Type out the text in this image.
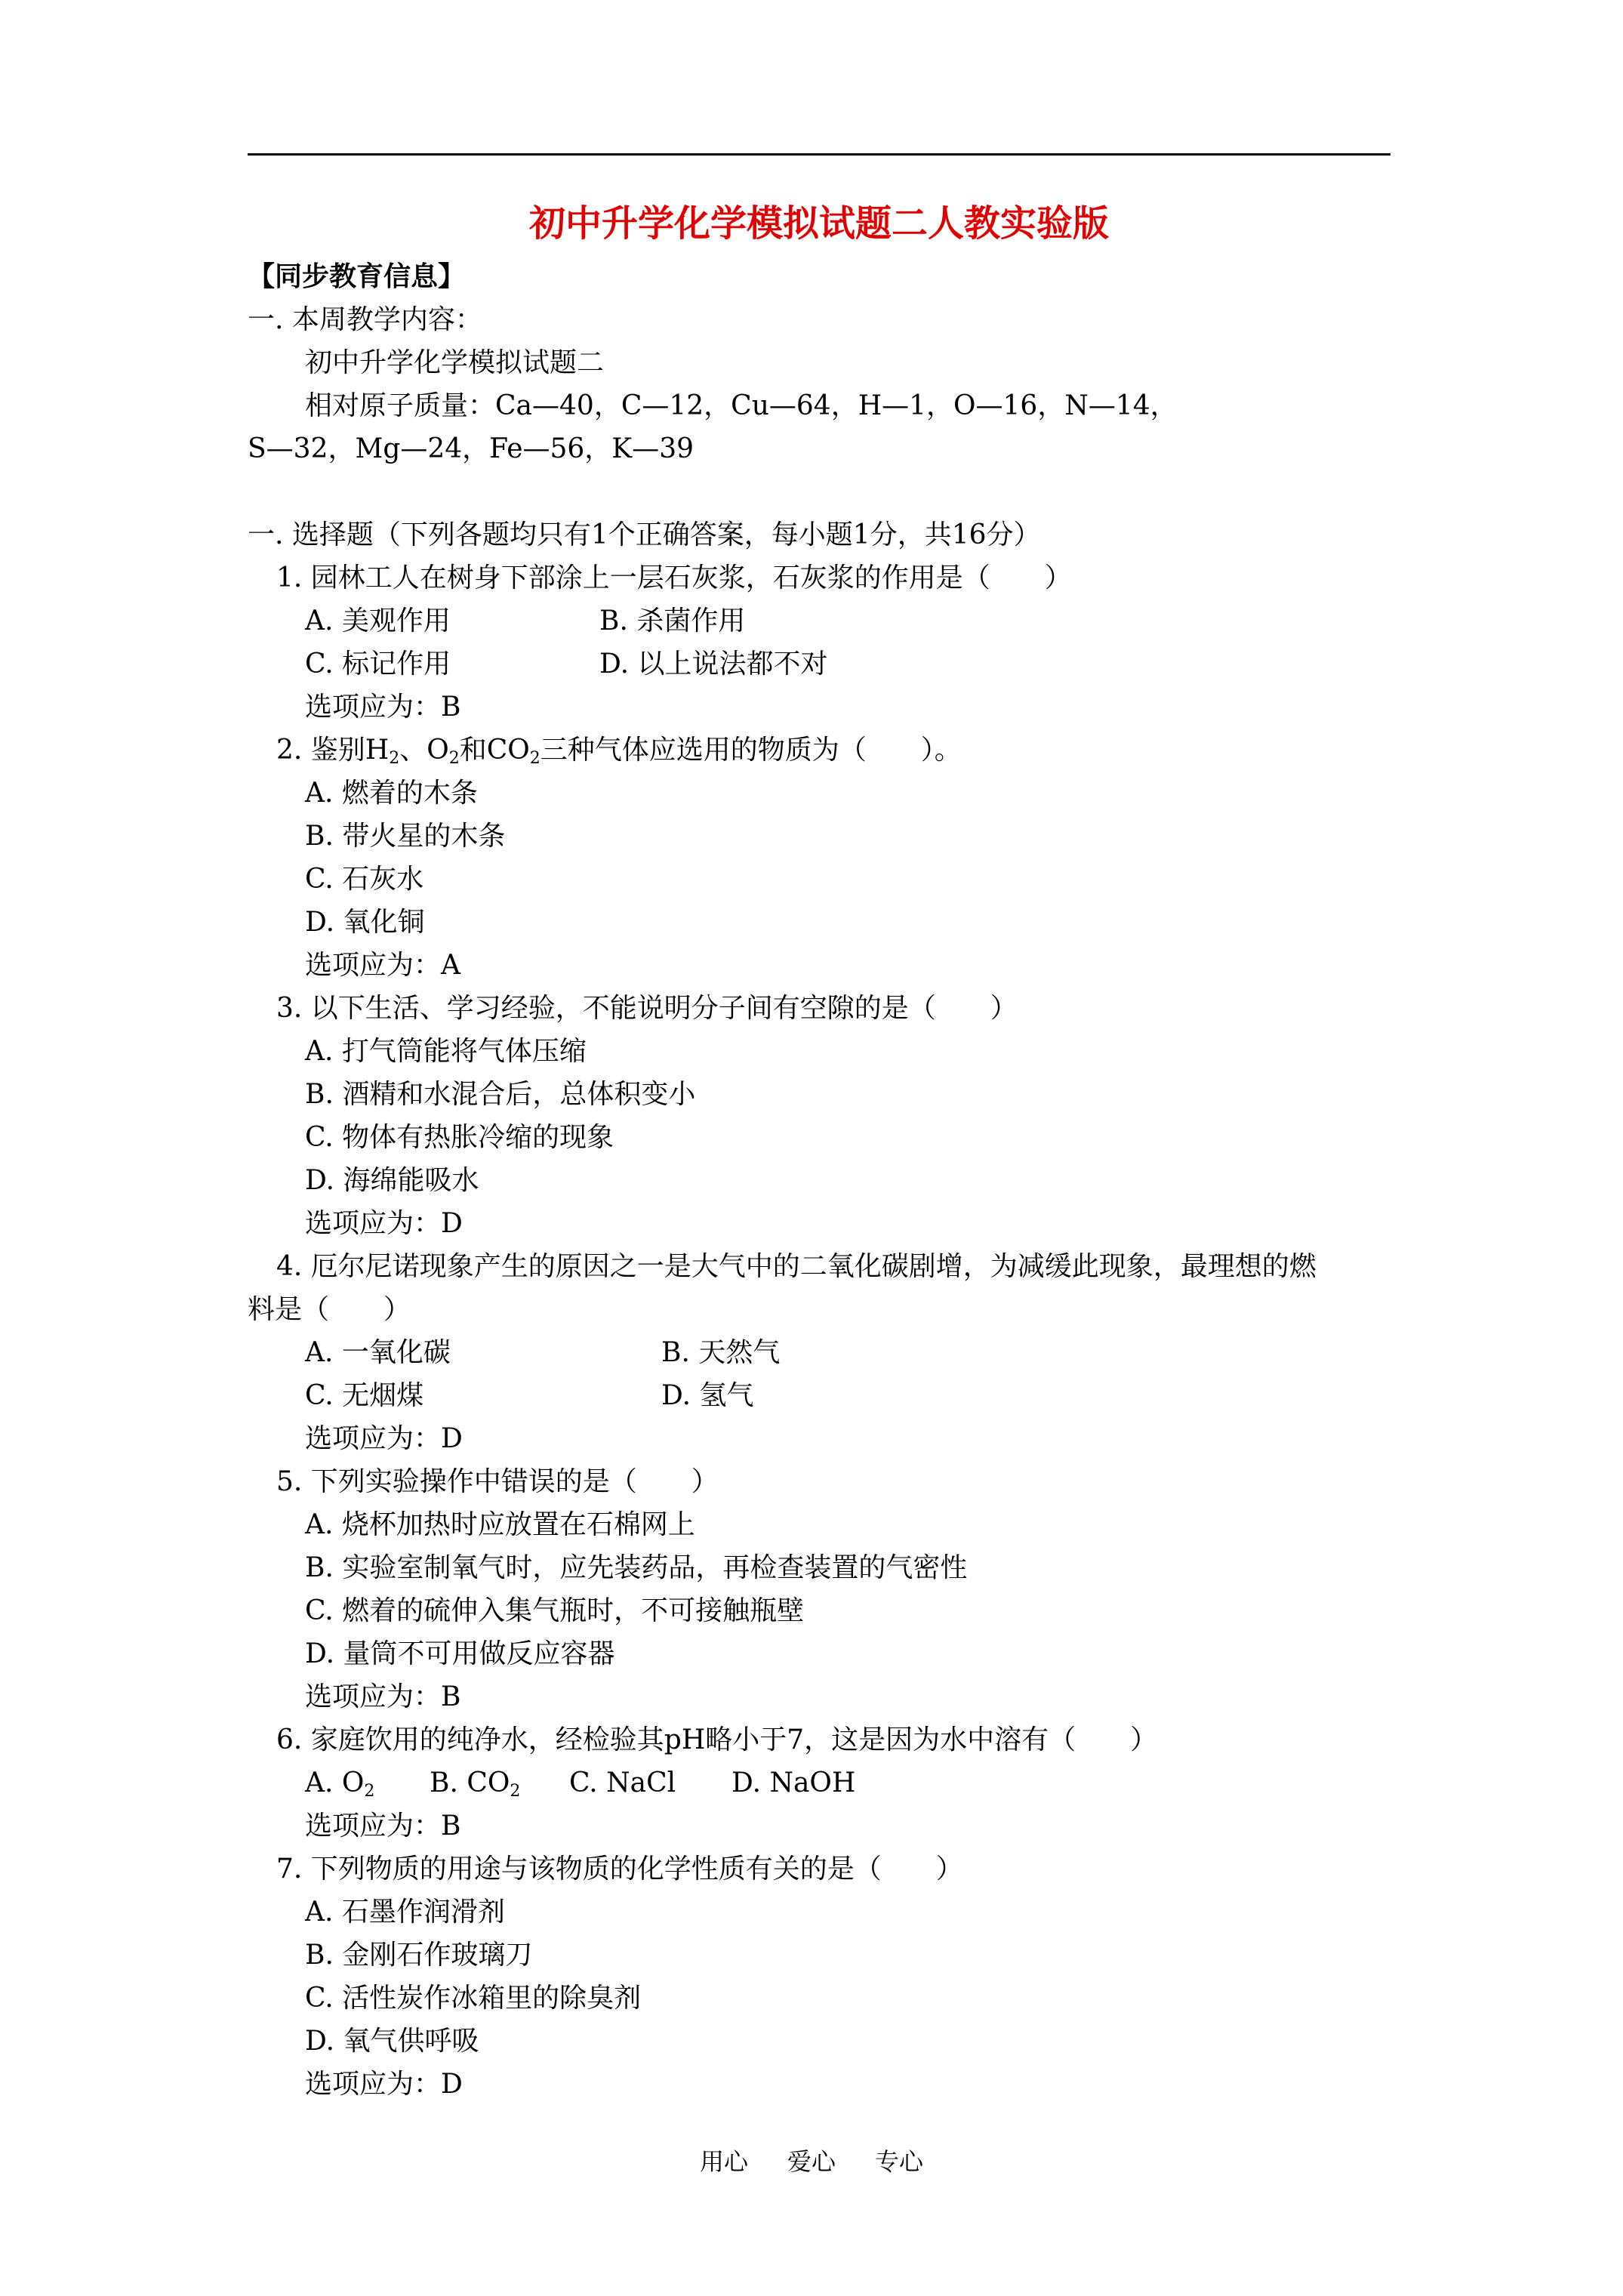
初中升学化学模拟试题二人教实验版

【同步教育信息】

一. 本周教学内容：

初中升学化学模拟试题二

相对原子质量：Ca—40，C—12，Cu—64，H—1，O—16，N—14，

S—32，Mg—24，Fe—56，K—39

一. 选择题（下列各题均只有1个正确答案，每小题1分，共16分）

1. 园林工人在树身下部涂上一层石灰浆，石灰浆的作用是（　　）

A. 美观作用	B. 杀菌作用

C. 标记作用	D. 以上说法都不对

选项应为：B

2. 鉴别$H_2$、$O_2$和$CO_2$三种气体应选用的物质为（　　）。

A. 燃着的木条

B. 带火星的木条

C. 石灰水

D. 氧化铜

选项应为：A

3. 以下生活、学习经验，不能说明分子间有空隙的是（　　）

A. 打气筒能将气体压缩

B. 酒精和水混合后，总体积变小

C. 物体有热胀冷缩的现象

D. 海绵能吸水

选项应为：D

4. 厄尔尼诺现象产生的原因之一是大气中的二氧化碳剧增，为减缓此现象，最理想的燃

料是（　　）

A. 一氧化碳	B. 天然气

C. 无烟煤	D. 氢气

选项应为：D

5. 下列实验操作中错误的是（　　）

A. 烧杯加热时应放置在石棉网上

B. 实验室制氧气时，应先装药品，再检查装置的气密性

C. 燃着的硫伸入集气瓶时，不可接触瓶壁

D. 量筒不可用做反应容器

选项应为：B

6. 家庭饮用的纯净水，经检验其pH略小于7，这是因为水中溶有（　　）

A. $O_2$ B. $CO_2$ C. NaCl D. NaOH

选项应为：B

7. 下列物质的用途与该物质的化学性质有关的是（　　）

A. 石墨作润滑剂

B. 金刚石作玻璃刀

C. 活性炭作冰箱里的除臭剂

D. 氧气供呼吸

选项应为：D

用心 爱心 专心
